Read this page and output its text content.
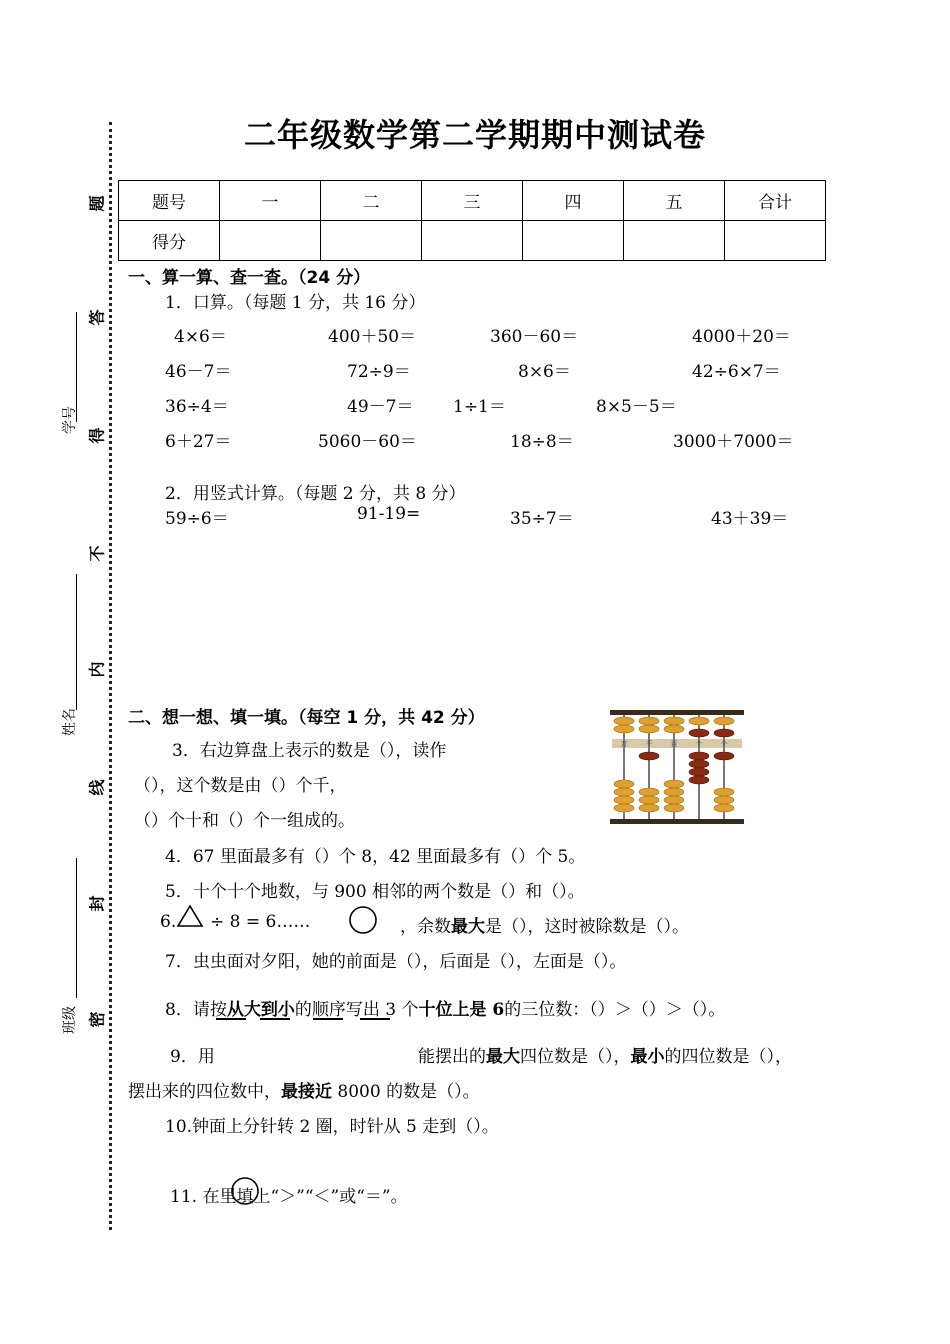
二年级数学第二学期期中测试卷
题
答
得
不
内
线
封
密
学号
姓名
班级
题号	一	二	三	四	五	合计
得分						
一、算一算、查一查。（24 分）
1．口算。（每题 1 分，共 16 分）
4×6＝	400＋50＝	360－60＝	4000＋20＝
46－7＝	72÷9＝	8×6＝	42÷6×7＝
36÷4＝	49－7＝ 1÷1＝	8×5－5＝
6＋27＝	5060－60＝	18÷8＝	3000＋7000＝
2．用竖式计算。（每题 2 分，共 8 分）
59÷6＝	91-19=	35÷7＝	43＋39＝
二、想一想、填一填。（每空 1 分，共 42 分）
3．右边算盘上表示的数是（），读作
（），这个数是由（）个千，
（）个十和（）个一组成的。
万	千	百	十	个
4．67 里面最多有（）个 8，42 里面最多有（）个 5。
5．十个十个地数，与 900 相邻的两个数是（）和（）。
6. ÷ 8 = 6……	，余数最大是（），这时被除数是（）。
7．虫虫面对夕阳，她的前面是（），后面是（），左面是（）。
8．请按从大到小的顺序写出 3 个十位上是 6的三位数：（）＞（）＞（）。
9．用	能摆出的最大四位数是（），最小的四位数是（），
摆出来的四位数中，最接近 8000 的数是（）。
10.钟面上分针转 2 圈，时针从 5 走到（）。
11. 在里填上“＞”“＜”或“＝”。
